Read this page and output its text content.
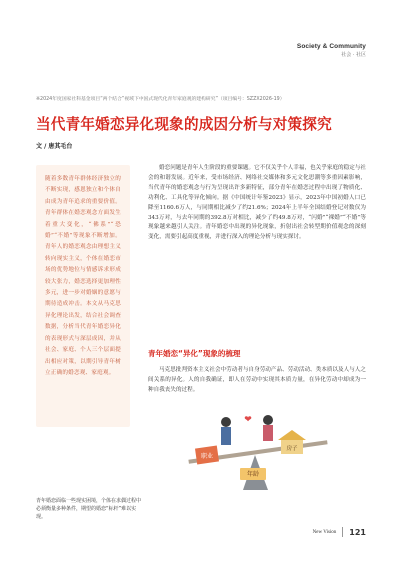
Society & Community
社会 · 社区
※2024年度国家社科基金项目“两个结合”视域下中国式现代化青年家庭观的建构研究”（项目编号：SZZX2026-19）
当代青年婚恋异化现象的成因分析与对策探究
文 / 唐其毛台

随着多数青年群体经济独立的不断实现，感恩独立和个体自由成为青年追求的重要价值。青年群体在婚恋观念方面发生着重大变化，“佛系”“恐婚”“不婚”等现象不断增加。青年人的婚恋观念由理想主义转向现实主义，个体在婚恋市场的优势地位与情感诉求形成较大张力，婚恋选择更加理性多元，进一步对婚姻的意愿与期待造成冲击。本文从马克思异化理论出发，结合社会调查数据，分析当代青年婚恋异化的表现形式与深层成因，并从社会、家庭、个人三个层面提出相应对策，以期引导青年树立正确的婚恋观、家庭观。

婚恋问题是青年人生阶段的重要课题。它不仅关乎个人幸福，也关乎家庭的稳定与社会的和谐发展。近年来，受市场经济、网络社交媒体和多元文化思潮等多重因素影响，当代青年的婚恋观念与行为呈现出许多新特征，部分青年在婚恋过程中出现了物质化、功利化、工具化等异化倾向。据《中国统计年鉴2023》显示，2023年中国初婚人口已降至1160.6万人，与同期相比减少了约21.6%；2024年上半年全国结婚登记对数仅为343万对，与去年同期的392.8万对相比，减少了约49.8万对，“闪婚”“裸婚”“不婚”等现象越来越引人关注。青年婚恋中出现的异化现象，折射出社会转型期价值观念的深刻变化，需要引起高度重视，并进行深入的理论分析与现实探讨。

青年婚恋“异化”现象的梳理

马克思批判资本主义社会中劳动者与自身劳动产品、劳动活动、类本质以及人与人之间关系的异化。人的自我确证，即人在劳动中实现其本质力量，在异化劳动中却成为一种自我丧失的过程。

职业
房子
年龄
❤
青年婚恋面临一些现实困境，个体在求偶过程中必须衡量多种条件，期望的婚恋“标杆”难以实现。
New Vision 121
